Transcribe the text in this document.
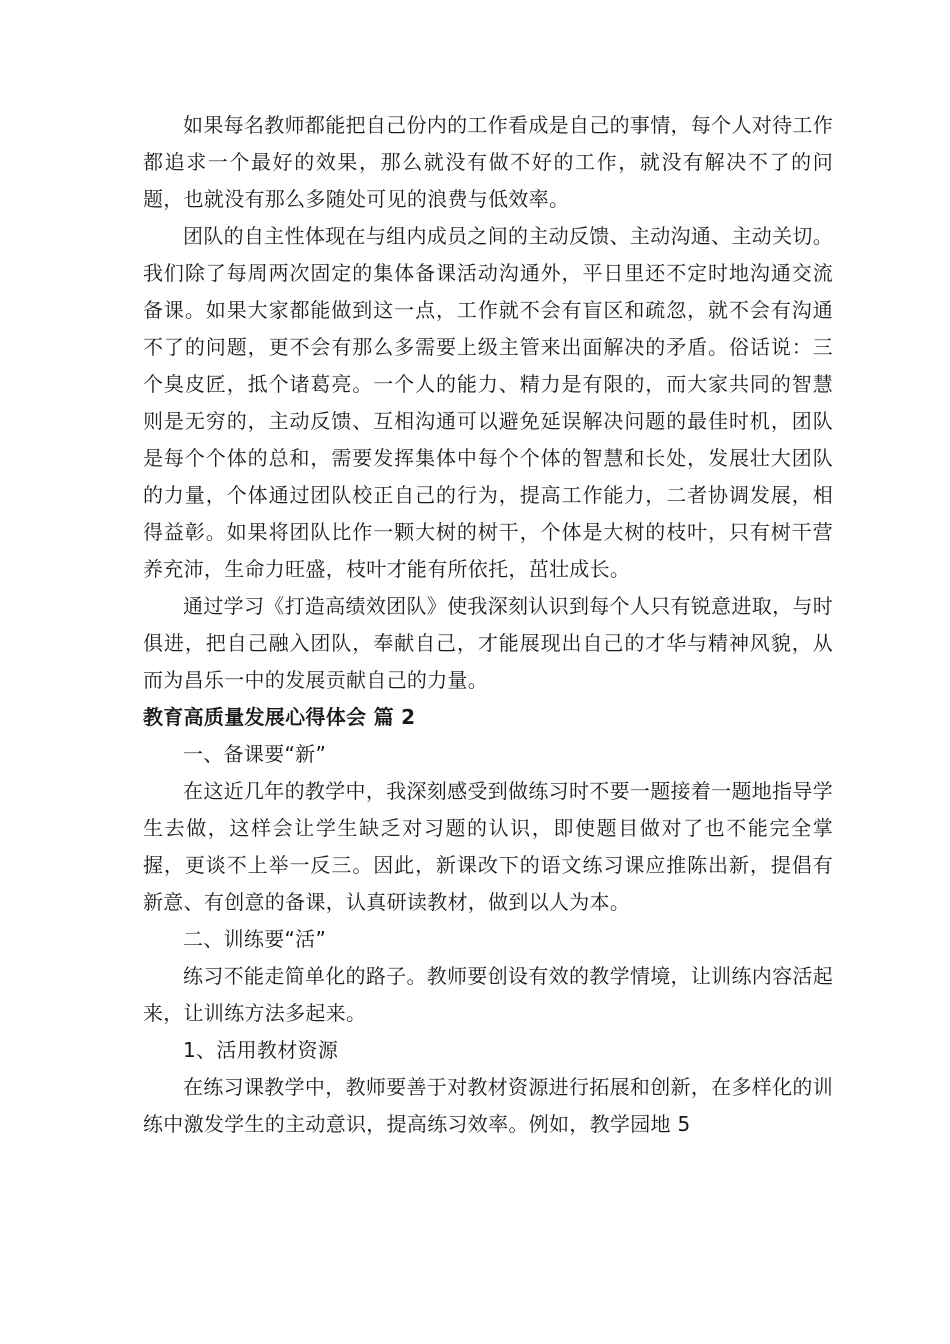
如果每名教师都能把自己份内的工作看成是自己的事情，每个人对待工作都追求一个最好的效果，那么就没有做不好的工作，就没有解决不了的问题，也就没有那么多随处可见的浪费与低效率。

团队的自主性体现在与组内成员之间的主动反馈、主动沟通、主动关切。我们除了每周两次固定的集体备课活动沟通外，平日里还不定时地沟通交流备课。如果大家都能做到这一点，工作就不会有盲区和疏忽，就不会有沟通不了的问题，更不会有那么多需要上级主管来出面解决的矛盾。俗话说：三个臭皮匠，抵个诸葛亮。一个人的能力、精力是有限的，而大家共同的智慧则是无穷的，主动反馈、互相沟通可以避免延误解决问题的最佳时机，团队是每个个体的总和，需要发挥集体中每个个体的智慧和长处，发展壮大团队的力量，个体通过团队校正自己的行为，提高工作能力，二者协调发展，相得益彰。如果将团队比作一颗大树的树干，个体是大树的枝叶，只有树干营养充沛，生命力旺盛，枝叶才能有所依托，茁壮成长。

通过学习《打造高绩效团队》使我深刻认识到每个人只有锐意进取，与时俱进，把自己融入团队，奉献自己，才能展现出自己的才华与精神风貌，从而为昌乐一中的发展贡献自己的力量。

教育高质量发展心得体会 篇 2

一、备课要“新”

在这近几年的教学中，我深刻感受到做练习时不要一题接着一题地指导学生去做，这样会让学生缺乏对习题的认识，即使题目做对了也不能完全掌握，更谈不上举一反三。因此，新课改下的语文练习课应推陈出新，提倡有新意、有创意的备课，认真研读教材，做到以人为本。

二、训练要“活”

练习不能走简单化的路子。教师要创设有效的教学情境，让训练内容活起来，让训练方法多起来。

1、活用教材资源

在练习课教学中，教师要善于对教材资源进行拓展和创新，在多样化的训练中激发学生的主动意识，提高练习效率。例如，教学园地 5
